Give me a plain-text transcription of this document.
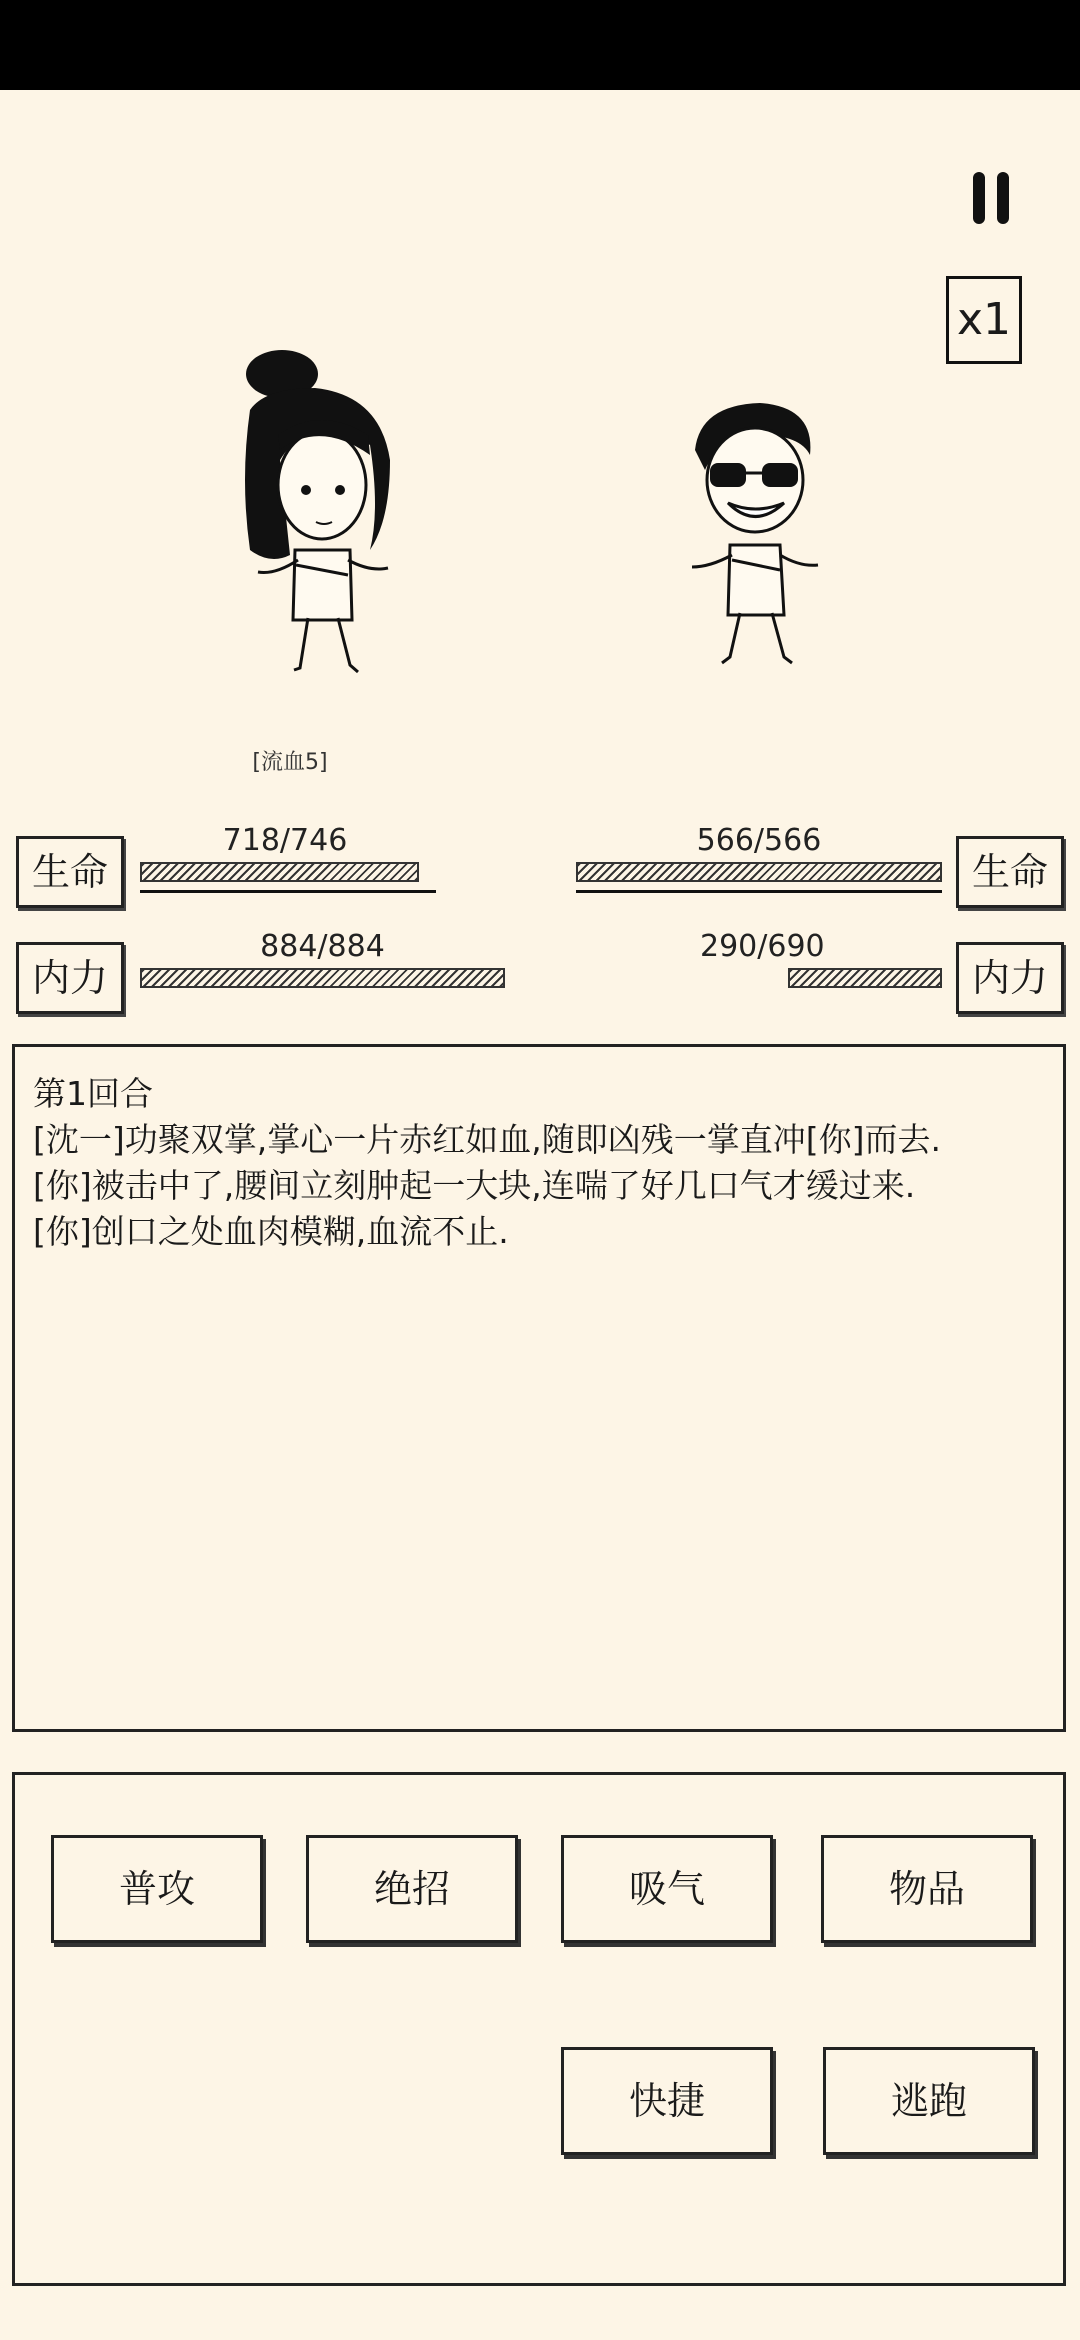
x1
[流血5]
生命
718/746
内力
884/884
生命
566/566
内力
290/690
第1回合
[沈一]功聚双掌,掌心一片赤红如血,随即凶残一掌直冲[你]而去.
[你]被击中了,腰间立刻肿起一大块,连喘了好几口气才缓过来.
[你]创口之处血肉模糊,血流不止.
普攻	绝招	吸气	物品
快捷	逃跑
